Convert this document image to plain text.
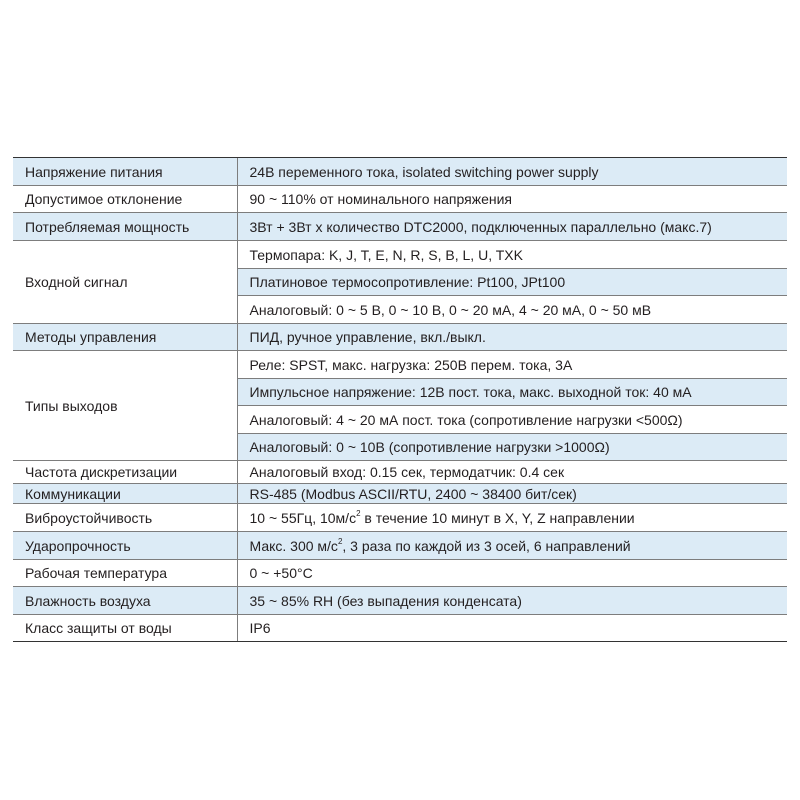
Напряжение питания	24В переменного тока, isolated switching power supply
Допустимое отклонение	90 ~ 110% от номинального напряжения
Потребляемая мощность	3Вт + 3Вт x количество DTC2000, подключенных параллельно (макс.7)
Входной сигнал	Термопара: K, J, T, E, N, R, S, B, L, U, TXK
	Платиновое термосопротивление: Pt100, JPt100
	Аналоговый: 0 ~ 5 В, 0 ~ 10 В, 0 ~ 20 мА, 4 ~ 20 мА, 0 ~ 50 мВ
Методы управления	ПИД, ручное управление, вкл./выкл.
Типы выходов	Реле: SPST, макс. нагрузка: 250В перем. тока, 3А
	Импульсное напряжение: 12В пост. тока, макс. выходной ток: 40 мА
	Аналоговый: 4 ~ 20 мА пост. тока (сопротивление нагрузки <500Ω)
	Аналоговый: 0 ~ 10В (сопротивление нагрузки >1000Ω)
Частота дискретизации	Аналоговый вход: 0.15 сек, термодатчик: 0.4 сек
Коммуникации	RS-485 (Modbus ASCII/RTU, 2400 ~ 38400 бит/сек)
Виброустойчивость	10 ~ 55Гц, $10м/с^2$ в течение 10 минут в X, Y, Z направлении
Ударопрочность	Макс. 300 $м/с^2$, 3 раза по каждой из 3 осей, 6 направлений
Рабочая температура	0 ~ +50°C
Влажность воздуха	35 ~ 85% RH (без выпадения конденсата)
Класс защиты от воды	IP6
